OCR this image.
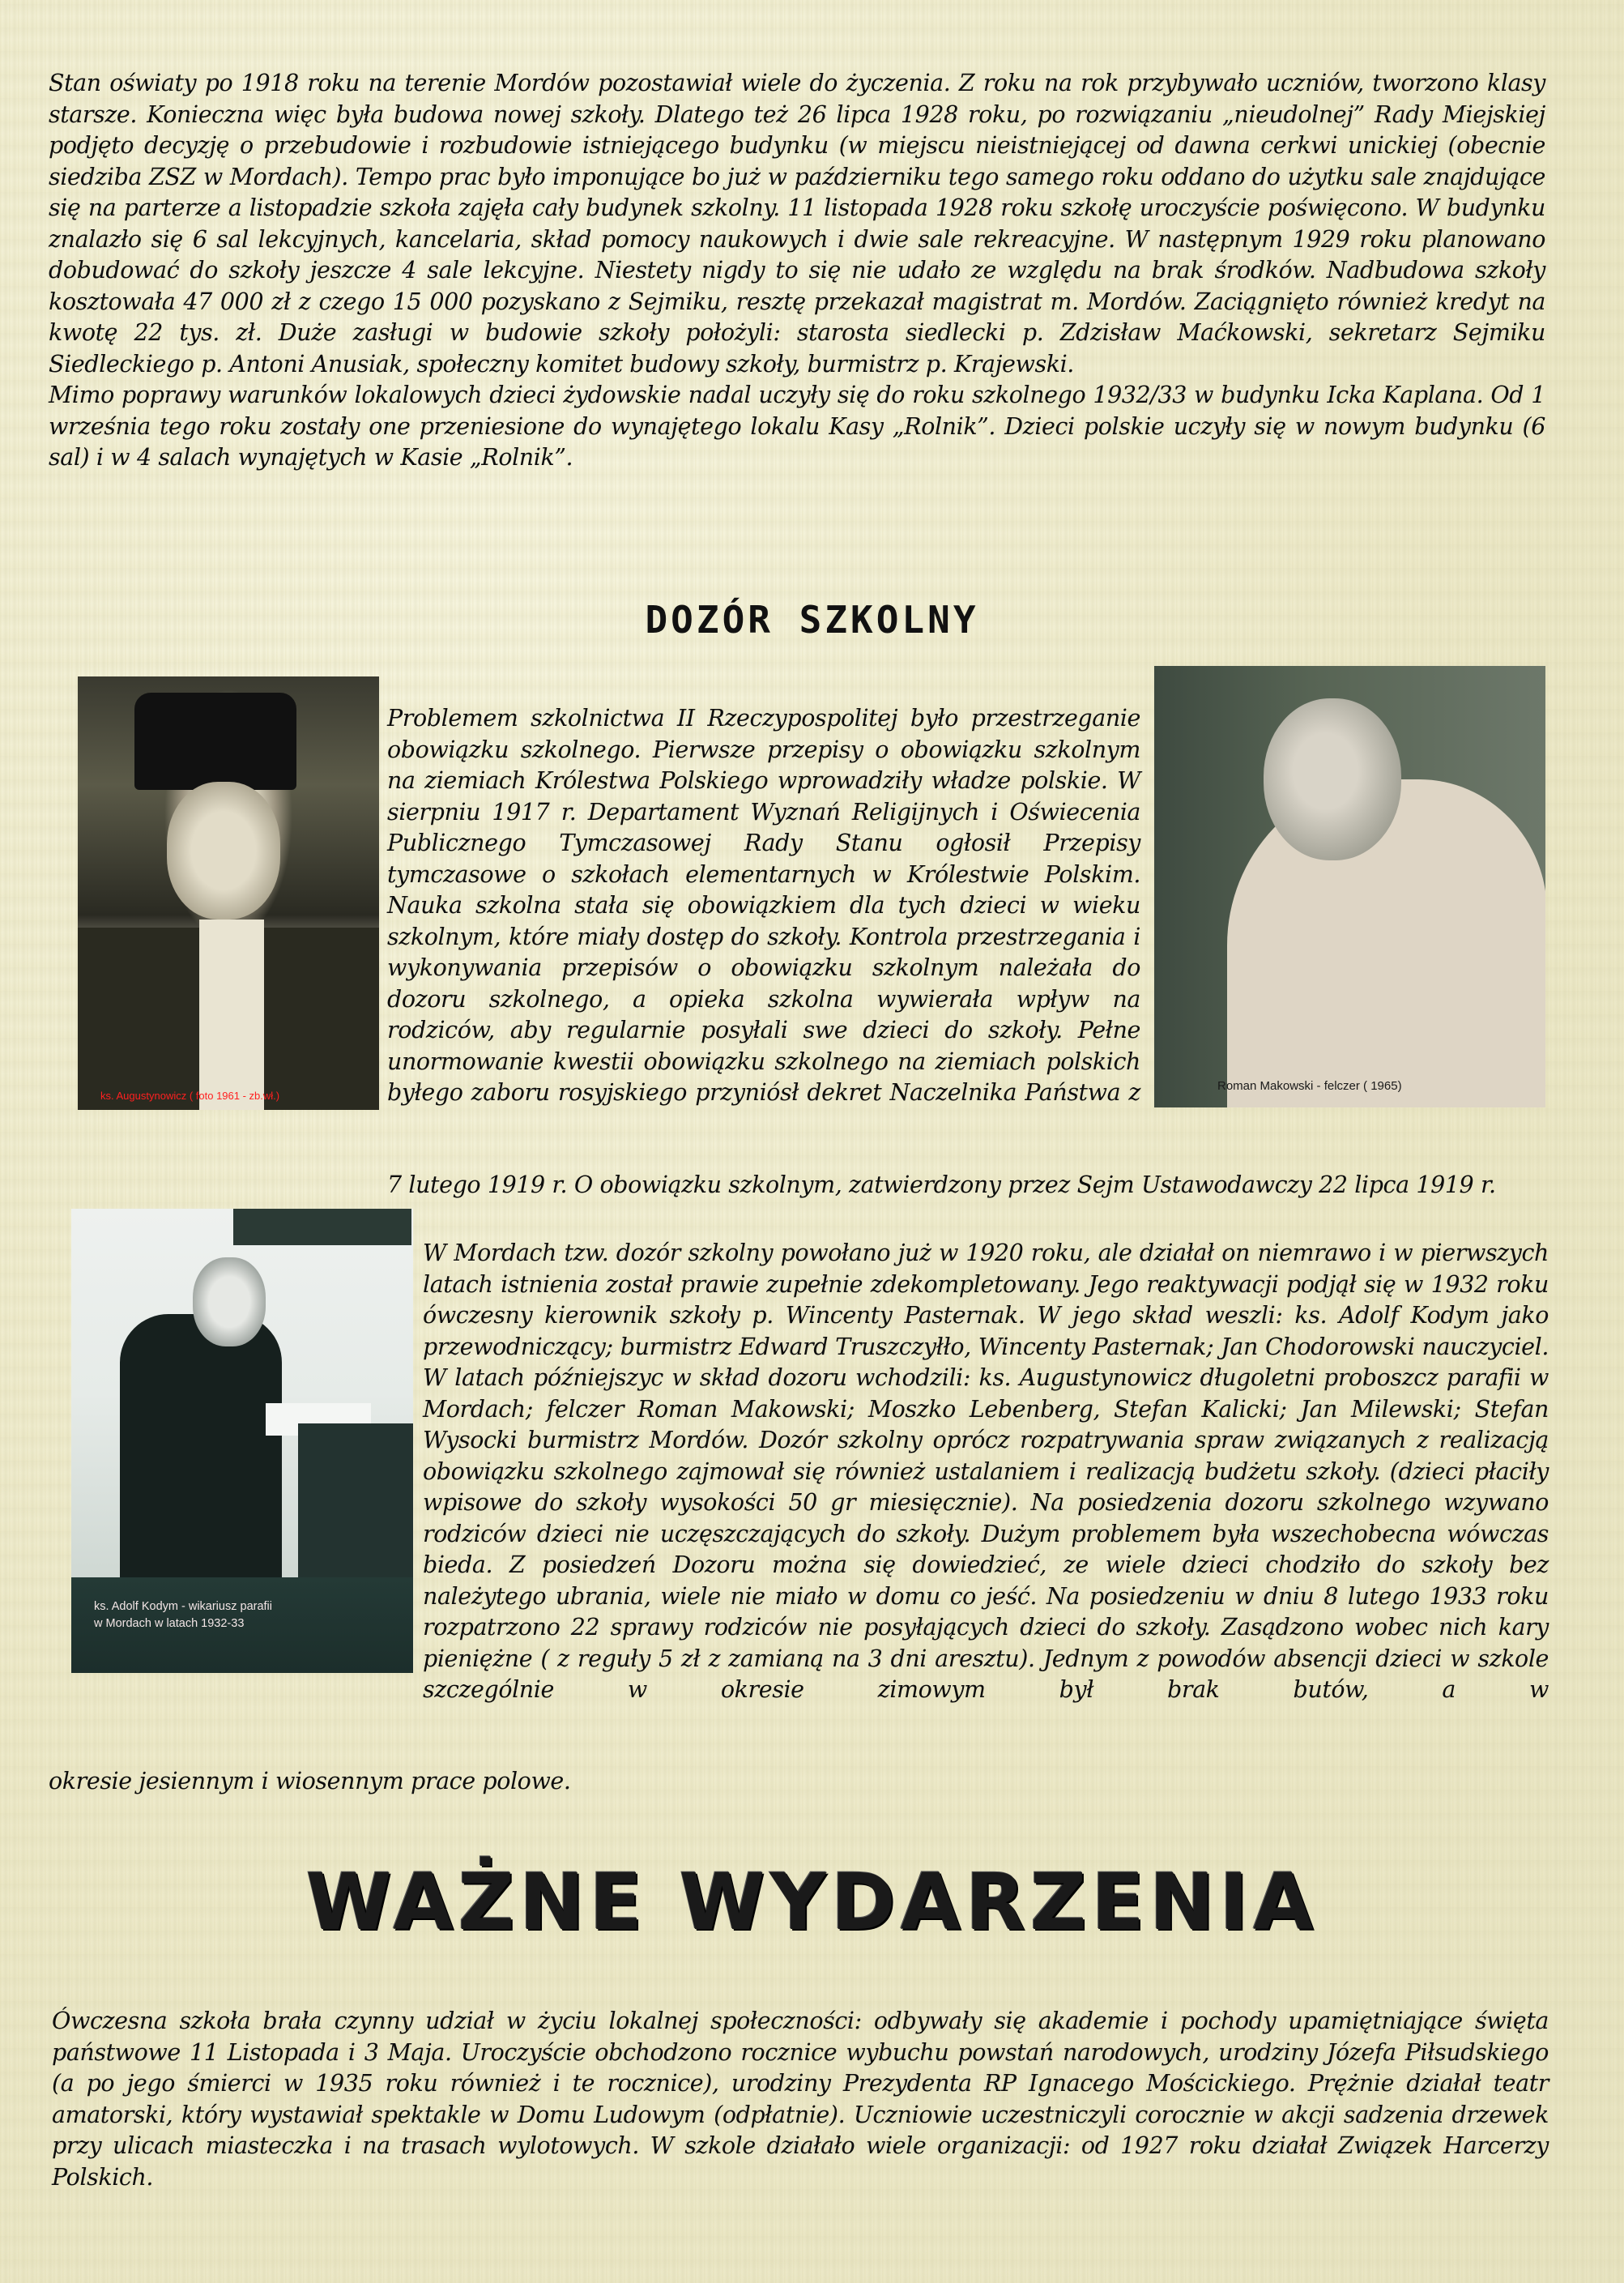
Stan oświaty po 1918 roku na terenie Mordów pozostawiał wiele do życzenia. Z roku na rok przybywało uczniów, tworzono klasy starsze. Konieczna więc była budowa nowej szkoły. Dlatego też 26 lipca 1928 roku, po rozwiązaniu „nieudolnej” Rady Miejskiej podjęto decyzję o przebudowie i rozbudowie istniejącego budynku (w miejscu nieistniejącej od dawna cerkwi unickiej (obecnie siedziba ZSZ w Mordach). Tempo prac było imponujące bo już w październiku tego samego roku oddano do użytku sale znajdujące się na parterze a listopadzie szkoła zajęła cały budynek szkolny. 11 listopada 1928 roku szkołę uroczyście poświęcono. W budynku znalazło się 6 sal lekcyjnych, kancelaria, skład pomocy naukowych i dwie sale rekreacyjne. W następnym 1929 roku planowano dobudować do szkoły jeszcze 4 sale lekcyjne. Niestety nigdy to się nie udało ze względu na brak środków. Nadbudowa szkoły kosztowała 47 000 zł z czego 15 000 pozyskano z Sejmiku, resztę przekazał magistrat m. Mordów. Zaciągnięto również kredyt na kwotę 22 tys. zł. Duże zasługi w budowie szkoły położyli: starosta siedlecki p. Zdzisław Maćkowski, sekretarz Sejmiku Siedleckiego p. Antoni Anusiak, społeczny komitet budowy szkoły, burmistrz p. Krajewski.

Mimo poprawy warunków lokalowych dzieci żydowskie nadal uczyły się do roku szkolnego 1932/33 w budynku Icka Kaplana. Od 1 września tego roku zostały one przeniesione do wynajętego lokalu Kasy „Rolnik”. Dzieci polskie uczyły się w nowym budynku (6 sal) i w 4 salach wynajętych w Kasie „Rolnik”.

DOZÓR SZKOLNY
ks. Augustynowicz ( foto 1961 - zb.wł.)
Roman Makowski - felczer ( 1965)

Problemem szkolnictwa II Rzeczypospolitej było przestrzeganie obowiązku szkolnego. Pierwsze przepisy o obowiązku szkolnym na ziemiach Królestwa Polskiego wprowadziły władze polskie. W sierpniu 1917 r. Departament Wyznań Religijnych i Oświecenia Publicznego Tymczasowej Rady Stanu ogłosił Przepisy tymczasowe o szkołach elementarnych w Królestwie Polskim. Nauka szkolna stała się obowiązkiem dla tych dzieci w wieku szkolnym, które miały dostęp do szkoły. Kontrola przestrzegania i wykonywania przepisów o obowiązku szkolnym należała do dozoru szkolnego, a opieka szkolna wywierała wpływ na rodziców, aby regularnie posyłali swe dzieci do szkoły. Pełne unormowanie kwestii obowiązku szkolnego na ziemiach polskich byłego zaboru rosyjskiego przyniósł dekret Naczelnika Państwa z

7 lutego 1919 r. O obowiązku szkolnym, zatwierdzony przez Sejm Ustawodawczy 22 lipca 1919 r.

ks. Adolf Kodym - wikariusz parafii
w Mordach w latach 1932-33

W Mordach tzw. dozór szkolny powołano już w 1920 roku, ale działał on niemrawo i w pierwszych latach istnienia został prawie zupełnie zdekompletowany. Jego reaktywacji podjął się w 1932 roku ówczesny kierownik szkoły p. Wincenty Pasternak. W jego skład weszli: ks. Adolf Kodym jako przewodniczący; burmistrz Edward Truszczyłło, Wincenty Pasternak; Jan Chodorowski nauczyciel. W latach późniejszyc w skład dozoru wchodzili: ks. Augustynowicz długoletni proboszcz parafii w Mordach; felczer Roman Makowski; Moszko Lebenberg, Stefan Kalicki; Jan Milewski; Stefan Wysocki burmistrz Mordów. Dozór szkolny oprócz rozpatrywania spraw związanych z realizacją obowiązku szkolnego zajmował się również ustalaniem i realizacją budżetu szkoły. (dzieci płaciły wpisowe do szkoły wysokości 50 gr miesięcznie). Na posiedzenia dozoru szkolnego wzywano rodziców dzieci nie uczęszczających do szkoły. Dużym problemem była wszechobecna wówczas bieda. Z posiedzeń Dozoru można się dowiedzieć, ze wiele dzieci chodziło do szkoły bez należytego ubrania, wiele nie miało w domu co jeść. Na posiedzeniu w dniu 8 lutego 1933 roku rozpatrzono 22 sprawy rodziców nie posyłających dzieci do szkoły. Zasądzono wobec nich kary pieniężne ( z reguły 5 zł z zamianą na 3 dni aresztu). Jednym z powodów absencji dzieci w szkole szczególnie w okresie zimowym był brak butów, a w

okresie jesiennym i wiosennym prace polowe.

WAŻNE WYDARZENIA

Ówczesna szkoła brała czynny udział w życiu lokalnej społeczności: odbywały się akademie i pochody upamiętniające święta państwowe 11 Listopada i 3 Maja. Uroczyście obchodzono rocznice wybuchu powstań narodowych, urodziny Józefa Piłsudskiego (a po jego śmierci w 1935 roku również i te rocznice), urodziny Prezydenta RP Ignacego Mościckiego. Prężnie działał teatr amatorski, który wystawiał spektakle w Domu Ludowym (odpłatnie). Uczniowie uczestniczyli corocznie w akcji sadzenia drzewek przy ulicach miasteczka i na trasach wylotowych. W szkole działało wiele organizacji: od 1927 roku działał Związek Harcerzy Polskich.
